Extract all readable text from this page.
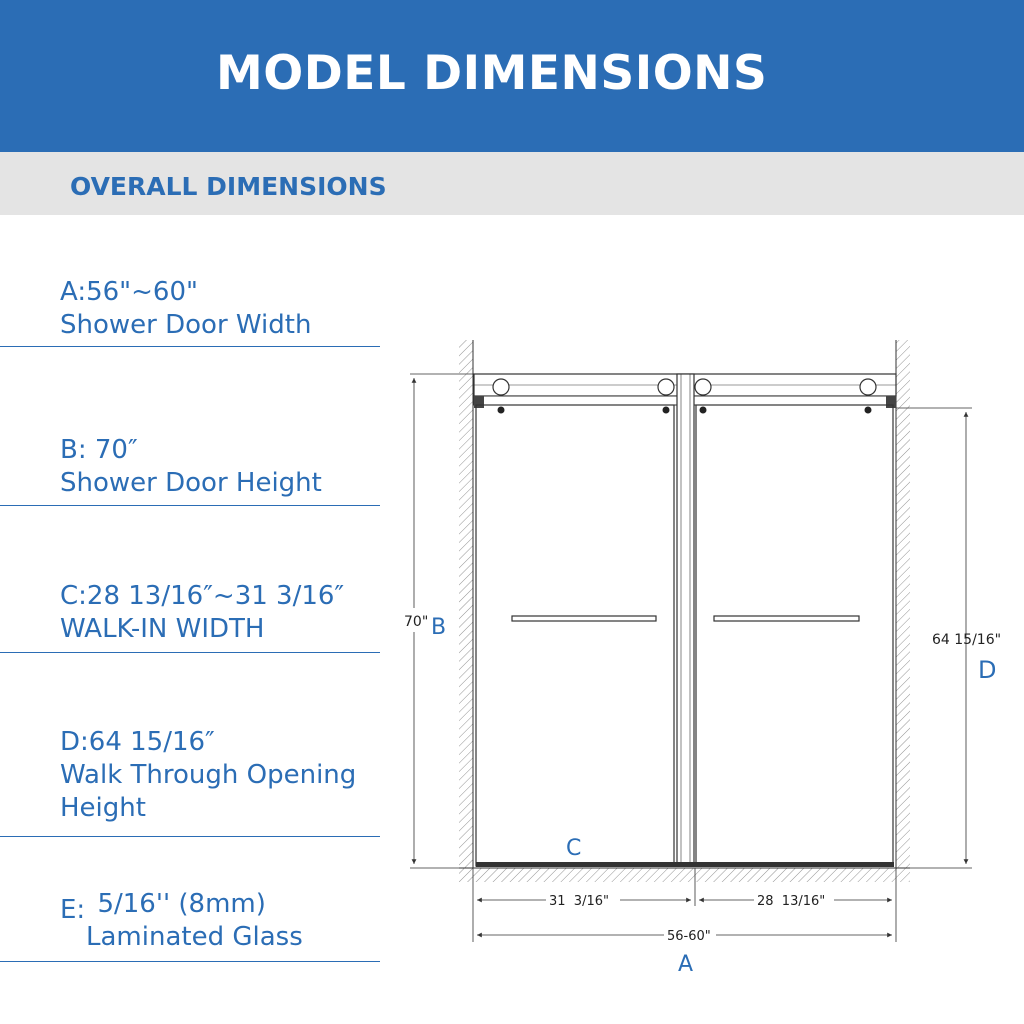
MODEL DIMENSIONS
OVERALL DIMENSIONS
A:56"~60"
Shower Door Width
B: 70″
Shower Door Height
C:28 13/16″~31 3/16″
WALK-IN WIDTH
D:64 15/16″
Walk Through Opening
Height
E: 5/16'' (8mm)
Laminated Glass
70" B	64 15/16"
D
C
31  3/16"	28  13/16"
56-60"
A
